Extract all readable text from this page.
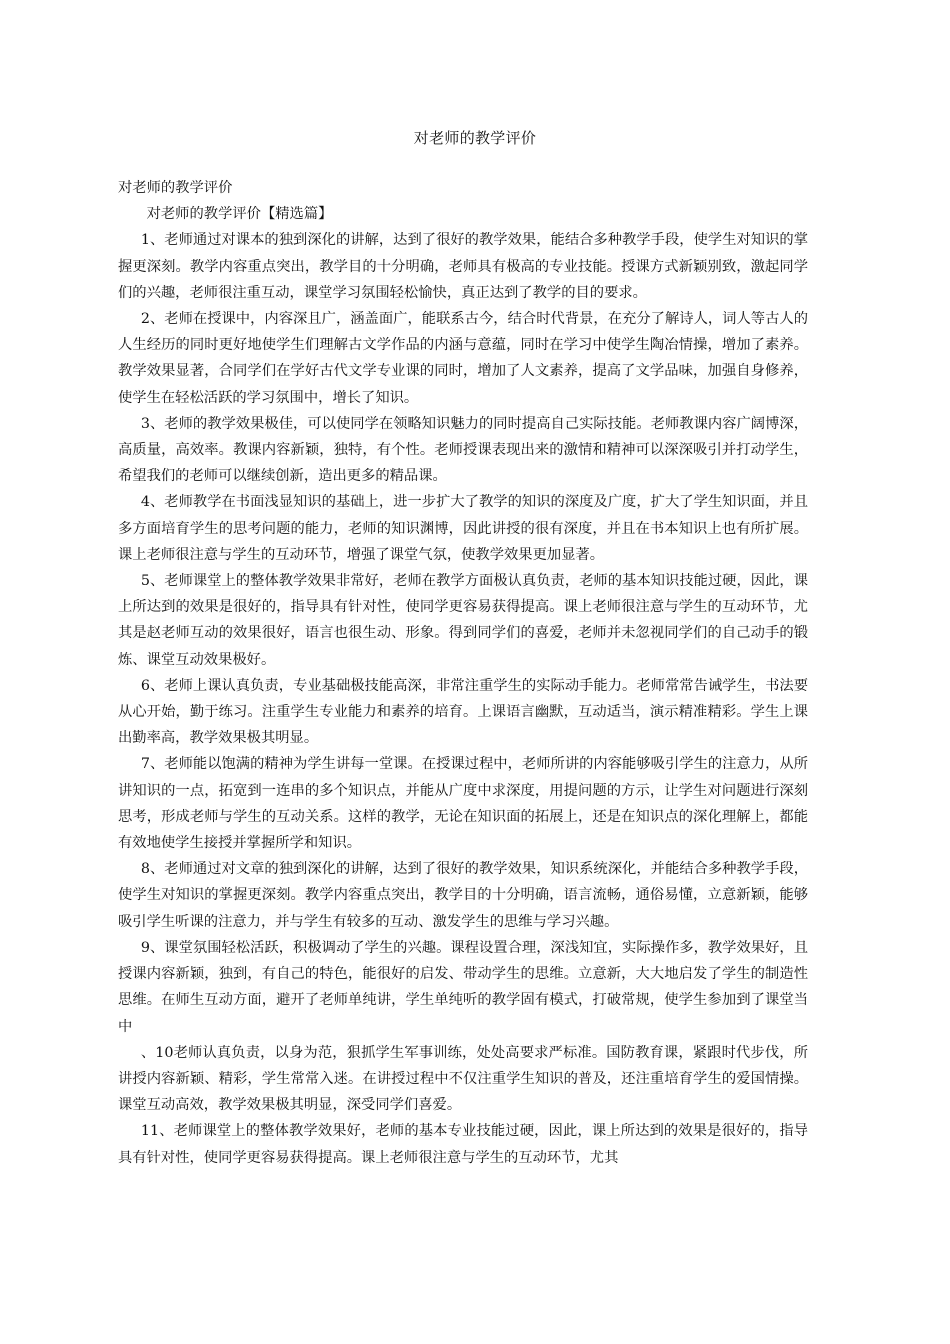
对老师的教学评价

对老师的教学评价

对老师的教学评价【精选篇】

1、老师通过对课本的独到深化的讲解，达到了很好的教学效果，能结合多种教学手段，使学生对知识的掌握更深刻。教学内容重点突出，教学目的十分明确，老师具有极高的专业技能。授课方式新颖别致，激起同学们的兴趣，老师很注重互动，课堂学习氛围轻松愉快，真正达到了教学的目的要求。

2、老师在授课中，内容深且广，涵盖面广，能联系古今，结合时代背景，在充分了解诗人，词人等古人的人生经历的同时更好地使学生们理解古文学作品的内涵与意蕴，同时在学习中使学生陶冶情操，增加了素养。教学效果显著，合同学们在学好古代文学专业课的同时，增加了人文素养，提高了文学品味，加强自身修养，使学生在轻松活跃的学习氛围中，增长了知识。

3、老师的教学效果极佳，可以使同学在领略知识魅力的同时提高自己实际技能。老师教课内容广阔博深，高质量，高效率。教课内容新颖，独特，有个性。老师授课表现出来的激情和精神可以深深吸引并打动学生，希望我们的老师可以继续创新，造出更多的精品课。

4、老师教学在书面浅显知识的基础上，进一步扩大了教学的知识的深度及广度，扩大了学生知识面，并且多方面培育学生的思考问题的能力，老师的知识渊博，因此讲授的很有深度，并且在书本知识上也有所扩展。课上老师很注意与学生的互动环节，增强了课堂气氛，使教学效果更加显著。

5、老师课堂上的整体教学效果非常好，老师在教学方面极认真负责，老师的基本知识技能过硬，因此，课上所达到的效果是很好的，指导具有针对性，使同学更容易获得提高。课上老师很注意与学生的互动环节，尤其是赵老师互动的效果很好，语言也很生动、形象。得到同学们的喜爱，老师并未忽视同学们的自己动手的锻炼、课堂互动效果极好。

6、老师上课认真负责，专业基础极技能高深，非常注重学生的实际动手能力。老师常常告诫学生，书法要从心开始，勤于练习。注重学生专业能力和素养的培育。上课语言幽默，互动适当，演示精准精彩。学生上课出勤率高，教学效果极其明显。

7、老师能以饱满的精神为学生讲每一堂课。在授课过程中，老师所讲的内容能够吸引学生的注意力，从所讲知识的一点，拓宽到一连串的多个知识点，并能从广度中求深度，用提问题的方示，让学生对问题进行深刻思考，形成老师与学生的互动关系。这样的教学，无论在知识面的拓展上，还是在知识点的深化理解上，都能有效地使学生接授并掌握所学和知识。

8、老师通过对文章的独到深化的讲解，达到了很好的教学效果，知识系统深化，并能结合多种教学手段，使学生对知识的掌握更深刻。教学内容重点突出，教学目的十分明确，语言流畅，通俗易懂，立意新颖，能够吸引学生听课的注意力，并与学生有较多的互动、激发学生的思维与学习兴趣。

9、课堂氛围轻松活跃，积极调动了学生的兴趣。课程设置合理，深浅知宜，实际操作多，教学效果好，且授课内容新颖，独到，有自己的特色，能很好的启发、带动学生的思维。立意新，大大地启发了学生的制造性思维。在师生互动方面，避开了老师单纯讲，学生单纯听的教学固有模式，打破常规，使学生参加到了课堂当中

、10老师认真负责，以身为范，狠抓学生军事训练，处处高要求严标准。国防教育课，紧跟时代步伐，所讲授内容新颖、精彩，学生常常入迷。在讲授过程中不仅注重学生知识的普及，还注重培育学生的爱国情操。课堂互动高效，教学效果极其明显，深受同学们喜爱。

11、老师课堂上的整体教学效果好，老师的基本专业技能过硬，因此，课上所达到的效果是很好的，指导具有针对性，使同学更容易获得提高。课上老师很注意与学生的互动环节，尤其
